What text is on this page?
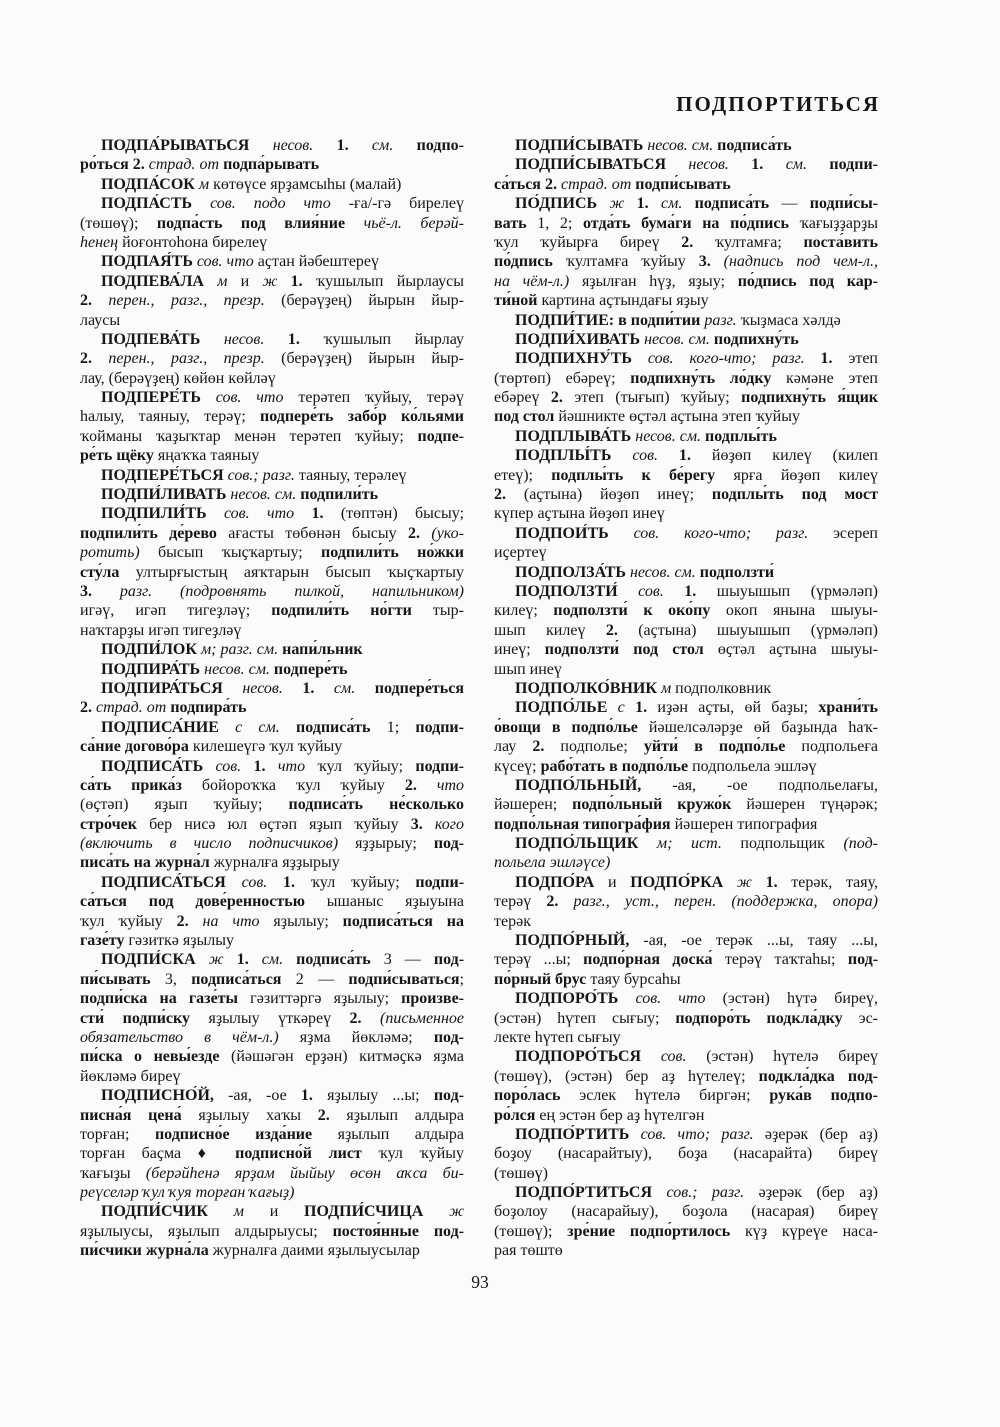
ПОДПОРТИТЬСЯ
ПОДПА́РЫВАТЬСЯ несов. 1. см. подпо-
ро́ться 2. страд. от подпа́рывать
ПОДПА́СОК м көтөүсе ярҙамсыһы (малай)
ПОДПА́СТЬ сов. подо что -ға/-гә бирелеү
(төшөү); подпа́сть под влия́ние чьё-л. берәй-
һенең йоғонтоһона бирелеү
ПОДПАЯ́ТЬ сов. что аҫтан йәбештереү
ПОДПЕВА́ЛА м и ж 1. ҡушылып йырлаусы
2. перен., разг., презр. (берәүҙең) йырын йыр-
лаусы
ПОДПЕВА́ТЬ несов. 1. ҡушылып йырлау
2. перен., разг., презр. (берәүҙең) йырын йыр-
лау, (берәүҙең) көйөн көйләү
ПОДПЕРЕ́ТЬ сов. что терәтеп ҡуйыу, терәү
һалыу, таяныу, терәү; подпере́ть забо́р ко́льями
ҡойманы ҡаҙыҡтар менән терәтеп ҡуйыу; подпе-
ре́ть щёку яңаҡҡа таяныу
ПОДПЕРЕ́ТЬСЯ сов.; разг. таяныу, терәлеү
ПОДПИ́ЛИВАТЬ несов. см. подпили́ть
ПОДПИЛИ́ТЬ сов. что 1. (төптән) бысыу;
подпили́ть де́рево ағасты төбөнән бысыу 2. (уко-
ротить) бысып ҡыҫҡартыу; подпили́ть но́жки
сту́ла ултырғыстың аяҡтарын бысып ҡыҫҡартыу
3. разг. (подровнять пилкой, напильником)
игәү, игәп тигеҙләү; подпили́ть но́гти тыр-
наҡтарҙы игәп тигеҙләү
ПОДПИ́ЛОК м; разг. см. напи́льник
ПОДПИРА́ТЬ несов. см. подпере́ть
ПОДПИРА́ТЬСЯ несов. 1. см. подпере́ться
2. страд. от подпира́ть
ПОДПИСА́НИЕ с см. подписа́ть 1; подпи-
са́ние догово́ра килешеүгә ҡул ҡуйыу
ПОДПИСА́ТЬ сов. 1. что ҡул ҡуйыу; подпи-
са́ть прика́з бойороҡҡа ҡул ҡуйыу 2. что
(өҫтәп) яҙып ҡуйыу; подписа́ть не́сколько
стро́чек бер нисә юл өҫтәп яҙып ҡуйыу 3. кого
(включить в число подписчиков) яҙҙырыу; под-
писа́ть на журна́л журналға яҙҙырыу
ПОДПИСА́ТЬСЯ сов. 1. ҡул ҡуйыу; подпи-
са́ться под дове́ренностью ышаныс яҙыуына
ҡул ҡуйыу 2. на что яҙылыу; подписа́ться на
газе́ту гәзиткә яҙылыу
ПОДПИ́СКА ж 1. см. подписа́ть 3 — под-
пи́сывать 3, подписа́ться 2 — подпи́сываться;
подпи́ска на газе́ты гәзиттәргә яҙылыу; произве-
сти́ подпи́ску яҙылыу үткәреү 2. (письменное
обязательство в чём-л.) яҙма йөкләмә; под-
пи́ска о невы́езде (йәшәгән ерҙән) китмәҫкә яҙма
йөкләмә биреү
ПОДПИСНО́Й, -ая, -ое 1. яҙылыу ...ы; под-
писна́я цена́ яҙылыу хаҡы 2. яҙылып алдыра
торған; подписно́е изда́ние яҙылып алдыра
торған баҫма ♦ подписно́й лист ҡул ҡуйыу
ҡағыҙы (берәйһенә ярҙам йыйыу өсөн аҡса би-
реүселәр ҡул ҡуя торған ҡағыҙ)
ПОДПИ́СЧИК м и ПОДПИ́СЧИЦА ж
яҙылыусы, яҙылып алдырыусы; постоя́нные под-
пи́счики журна́ла журналға даими яҙылыусылар
ПОДПИ́СЫВАТЬ несов. см. подписа́ть
ПОДПИ́СЫВАТЬСЯ несов. 1. см. подпи-
са́ться 2. страд. от подпи́сывать
ПО́ДПИСЬ ж 1. см. подписа́ть — подпи́сы-
вать 1, 2; отда́ть бума́ги на по́дпись ҡағыҙҙарҙы
ҡул ҡуйырға биреү 2. ҡултамға; поста́вить
по́дпись ҡултамға ҡуйыу 3. (надпись под чем-л.,
на чём-л.) яҙылған һүҙ, яҙыу; по́дпись под кар-
ти́ной картина аҫтындағы яҙыу
ПОДПИ́ТИЕ: в подпи́тии разг. ҡыҙмаса хәлдә
ПОДПИ́ХИВАТЬ несов. см. подпихну́ть
ПОДПИХНУ́ТЬ сов. кого-что; разг. 1. этеп
(төртөп) ебәреү; подпихну́ть ло́дку кәмәне этеп
ебәреү 2. этеп (тығып) ҡуйыу; подпихну́ть я́щик
под стол йәшникте өҫтәл аҫтына этеп ҡуйыу
ПОДПЛЫВА́ТЬ несов. см. подплы́ть
ПОДПЛЫ́ТЬ сов. 1. йөҙөп килеү (килеп
етеү); подплы́ть к бе́регу ярға йөҙөп килеү
2. (аҫтына) йөҙөп инеү; подплы́ть под мост
күпер аҫтына йөҙөп инеү
ПОДПОИ́ТЬ сов. кого-что; разг. эсереп
иҫертеү
ПОДПОЛЗА́ТЬ несов. см. подползти́
ПОДПОЛЗТИ́ сов. 1. шыуышып (үрмәләп)
килеү; подползти́ к око́пу окоп янына шыуы-
шып килеү 2. (аҫтына) шыуышып (үрмәләп)
инеү; подползти́ под стол өҫтәл аҫтына шыуы-
шып инеү
ПОДПОЛКО́ВНИК м подполковник
ПОДПО́ЛЬЕ с 1. иҙән аҫты, өй баҙы; храни́ть
о́вощи в подпо́лье йәшелсәләрҙе өй баҙында һаҡ-
лау 2. подполье; уйти́ в подпо́лье подпольеға
күсеү; рабо́тать в подпо́лье подпольела эшләү
ПОДПО́ЛЬНЫЙ, -ая, -ое подпольелағы,
йәшерен; подпо́льный кружо́к йәшерен түңәрәк;
подпо́льная типогра́фия йәшерен типография
ПОДПО́ЛЬЩИК м; ист. подпольщик (под-
польела эшләүсе)
ПОДПО́РА и ПОДПО́РКА ж 1. терәк, таяу,
терәү 2. разг., уст., перен. (поддержка, опора)
терәк
ПОДПО́РНЫЙ, -ая, -ое терәк ...ы, таяу ...ы,
терәү ...ы; подпо́рная доска́ терәү таҡтаһы; под-
по́рный брус таяу бурсаһы
ПОДПОРО́ТЬ сов. что (эстән) һүтә биреү,
(эстән) һүтеп сығыу; подпоро́ть подкла́дку эс-
лекте һүтеп сығыу
ПОДПОРО́ТЬСЯ сов. (эстән) һүтелә биреү
(төшөү), (эстән) бер аҙ һүтелеү; подкла́дка под-
поро́лась эслек һүтелә биргән; рука́в подпо-
ро́лся ең эстән бер аҙ һүтелгән
ПОДПО́РТИТЬ сов. что; разг. әҙерәк (бер аҙ)
боҙоу (насарайтыу), боҙа (насарайта) биреү
(төшөү)
ПОДПО́РТИТЬСЯ сов.; разг. әҙерәк (бер аҙ)
боҙолоу (насарайыу), боҙола (насарая) биреү
(төшөү); зре́ние подпо́ртилось күҙ күреүе наса-
рая төштө
93
